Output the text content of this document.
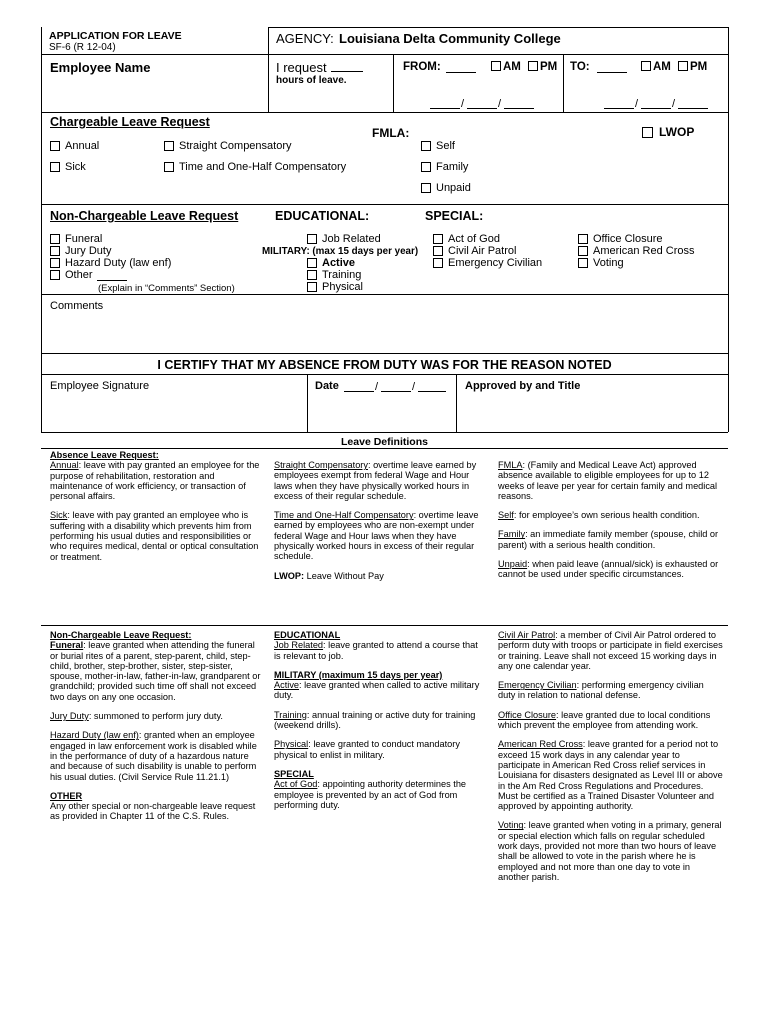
APPLICATION FOR LEAVE
SF-6 (R 12-04)
AGENCY: Louisiana Delta Community College
Employee Name	I request
hours of leave.
FROM:	AM PM TO:	AM PM
/	/	/	/
Chargeable Leave Request
Annual
Sick
Straight Compensatory
Time and One-Half Compensatory
FMLA:
Self
Family
Unpaid
LWOP
Non-Chargeable Leave Request	EDUCATIONAL:	SPECIAL:
Funeral
Jury Duty
Hazard Duty (law enf)
Other
(Explain in “Comments” Section)
Job Related
MILITARY: (max 15 days per year)
Active
Training
Physical
Act of God
Civil Air Patrol
Emergency Civilian
Office Closure
American Red Cross
Voting
Comments
I CERTIFY THAT MY ABSENCE FROM DUTY WAS FOR THE REASON NOTED
Employee Signature	Date	/	/	Approved by and Title
Leave Definitions

Absence Leave Request:

Annual: leave with pay granted an employee for the purpose of rehabilitation, restoration and maintenance of work efficiency, or transaction of personal affairs.

Sick: leave with pay granted an employee who is suffering with a disability which prevents him from performing his usual duties and responsibilities or who requires medical, dental or optical consultation or treatment.

Straight Compensatory: overtime leave earned by employees exempt from federal Wage and Hour laws when they have physically worked hours in excess of their regular schedule.

Time and One-Half Compensatory: overtime leave earned by employees who are non-exempt under federal Wage and Hour laws when they have physically worked hours in excess of their regular schedule.

LWOP: Leave Without Pay

FMLA: (Family and Medical Leave Act) approved absence available to eligible employees for up to 12 weeks of leave per year for certain family and medical reasons.

Self: for employee’s own serious health condition.

Family: an immediate family member (spouse, child or parent) with a serious health condition.

Unpaid: when paid leave (annual/sick) is exhausted or cannot be used under specific circumstances.

Non-Chargeable Leave Request:

Funeral: leave granted when attending the funeral or burial rites of a parent, step-parent, child, step-child, brother, step-brother, sister, step-sister, spouse, mother-in-law, father-in-law, grandparent or grandchild; provided such time off shall not exceed two days on any one occasion.

Jury Duty: summoned to perform jury duty.

Hazard Duty (law enf): granted when an employee engaged in law enforcement work is disabled while in the performance of duty of a hazardous nature and because of such disability is unable to perform his usual duties. (Civil Service Rule 11.21.1)

OTHER

Any other special or non-chargeable leave request as provided in Chapter 11 of the C.S. Rules.

EDUCATIONAL

Job Related: leave granted to attend a course that is relevant to job.

MILITARY (maximum 15 days per year)

Active: leave granted when called to active military duty.

Training: annual training or active duty for training (weekend drills).

Physical: leave granted to conduct mandatory physical to enlist in military.

SPECIAL

Act of God: appointing authority determines the employee is prevented by an act of God from performing duty.

Civil Air Patrol: a member of Civil Air Patrol ordered to perform duty with troops or participate in field exercises or training. Leave shall not exceed 15 working days in any one calendar year.

Emergency Civilian: performing emergency civilian duty in relation to national defense.

Office Closure: leave granted due to local conditions which prevent the employee from attending work.

American Red Cross: leave granted for a period not to exceed 15 work days in any calendar year to participate in American Red Cross relief services in Louisiana for disasters designated as Level III or above in the Am Red Cross Regulations and Procedures. Must be certified as a Trained Disaster Volunteer and approved by appointing authority.

Voting: leave granted when voting in a primary, general or special election which falls on regular scheduled work days, provided not more than two hours of leave shall be allowed to vote in the parish where he is employed and not more than one day to vote in another parish.
